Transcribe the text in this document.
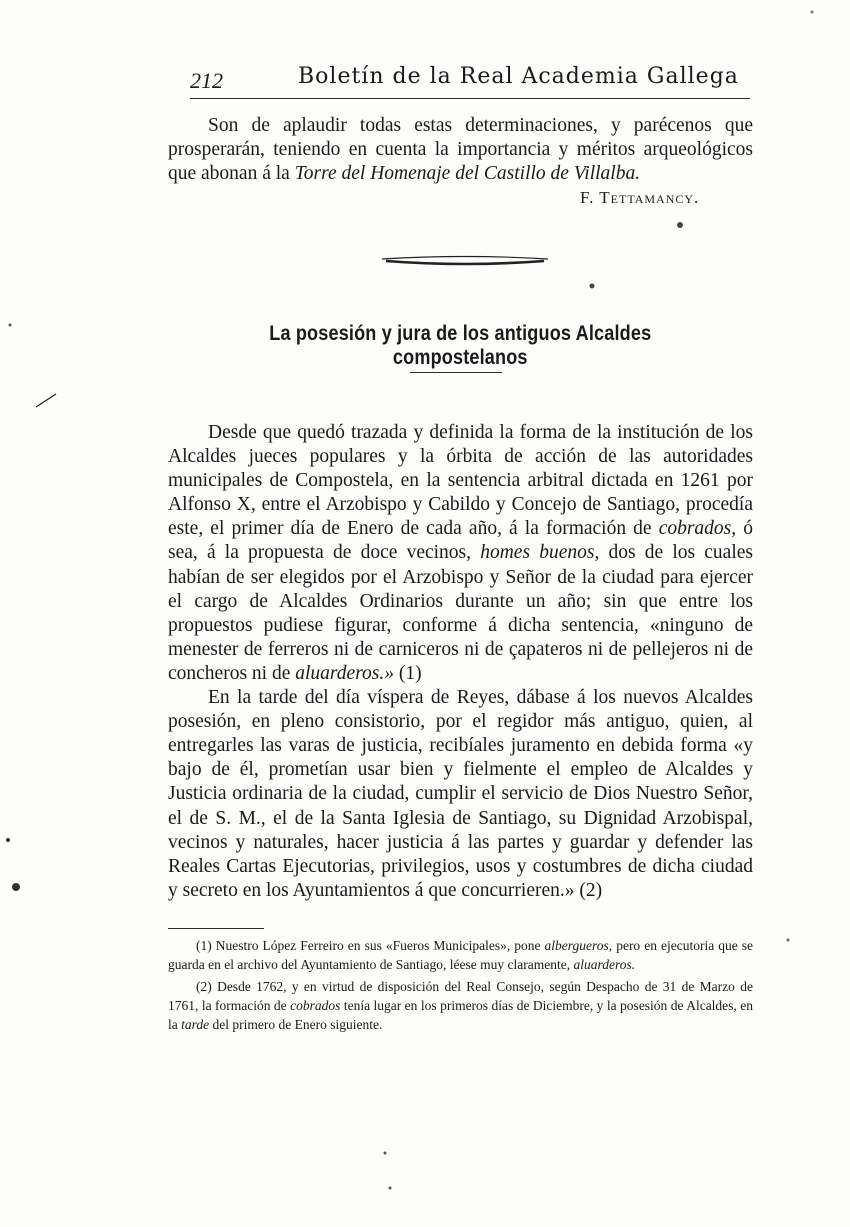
212	Boletín de la Real Academia Gallega

Son de aplaudir todas estas determinaciones, y parécenos que prosperarán, teniendo en cuenta la importancia y méritos arqueológicos que abonan á la Torre del Homenaje del Castillo de Villalba.

F. Tettamancy.
La posesión y jura de los antiguos Alcaldes compostelanos

Desde que quedó trazada y definida la forma de la institución de los Alcaldes jueces populares y la órbita de acción de las autoridades municipales de Compostela, en la sentencia arbitral dictada en 1261 por Alfonso X, entre el Arzobispo y Cabildo y Concejo de Santiago, procedía este, el primer día de Enero de cada año, á la formación de cobrados, ó sea, á la propuesta de doce vecinos, homes buenos, dos de los cuales habían de ser elegidos por el Arzobispo y Señor de la ciudad para ejercer el cargo de Alcaldes Ordinarios durante un año; sin que entre los propuestos pudiese figurar, conforme á dicha sentencia, «ninguno de menester de ferreros ni de carniceros ni de çapateros ni de pellejeros ni de concheros ni de aluarderos.» (1)

En la tarde del día víspera de Reyes, dábase á los nuevos Alcaldes posesión, en pleno consistorio, por el regidor más antiguo, quien, al entregarles las varas de justicia, recibíales juramento en debida forma «y bajo de él, prometían usar bien y fielmente el empleo de Alcaldes y Justicia ordinaria de la ciudad, cumplir el servicio de Dios Nuestro Señor, el de S. M., el de la Santa Iglesia de Santiago, su Dignidad Arzobispal, vecinos y naturales, hacer justicia á las partes y guardar y defender las Reales Cartas Ejecutorias, privilegios, usos y costumbres de dicha ciudad y secreto en los Ayuntamientos á que concurrieren.» (2)

(1) Nuestro López Ferreiro en sus «Fueros Municipales», pone albergueros, pero en ejecutoria que se guarda en el archivo del Ayuntamiento de Santiago, léese muy claramente, aluarderos.

(2) Desde 1762, y en virtud de disposición del Real Consejo, según Despacho de 31 de Marzo de 1761, la formación de cobrados tenía lugar en los primeros días de Diciembre, y la posesión de Alcaldes, en la tarde del primero de Enero siguiente.
